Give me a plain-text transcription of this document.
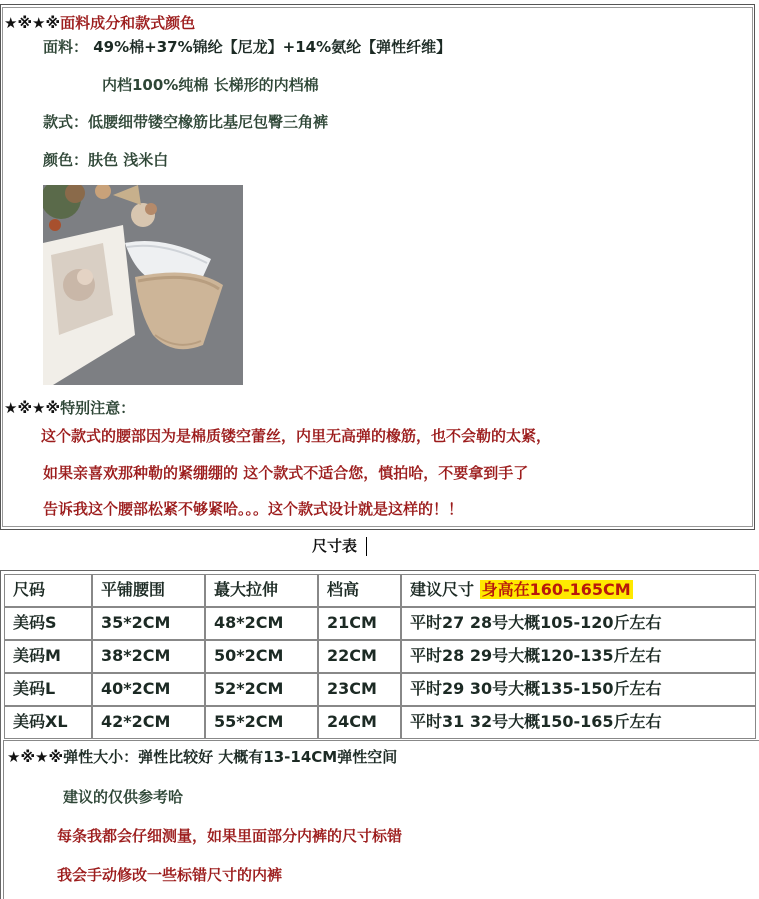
★※★※面料成分和款式颜色
面料： 49%棉+37%锦纶【尼龙】+14%氨纶【弹性纤维】
内档100%纯棉 长梯形的内档棉
款式：低腰细带镂空橡筋比基尼包臀三角裤
颜色：肤色 浅米白
★※★※特别注意：
这个款式的腰部因为是棉质镂空蕾丝，内里无高弹的橡筋，也不会勒的太紧，
如果亲喜欢那种勒的紧绷绷的 这个款式不适合您，慎拍哈，不要拿到手了
告诉我这个腰部松紧不够紧哈。。。这个款式设计就是这样的！！
尺寸表
尺码	平铺腰围	蕞大拉伸	档高	建议尺寸 身高在160-165CM
美码S	35*2CM	48*2CM	21CM	平时27 28号大概105-120斤左右
美码M	38*2CM	50*2CM	22CM	平时28 29号大概120-135斤左右
美码L	40*2CM	52*2CM	23CM	平时29 30号大概135-150斤左右
美码XL	42*2CM	55*2CM	24CM	平时31 32号大概150-165斤左右
★※★※弹性大小：弹性比较好 大概有13-14CM弹性空间
建议的仅供参考哈
每条我都会仔细测量，如果里面部分内裤的尺寸标错
我会手动修改一些标错尺寸的内裤
